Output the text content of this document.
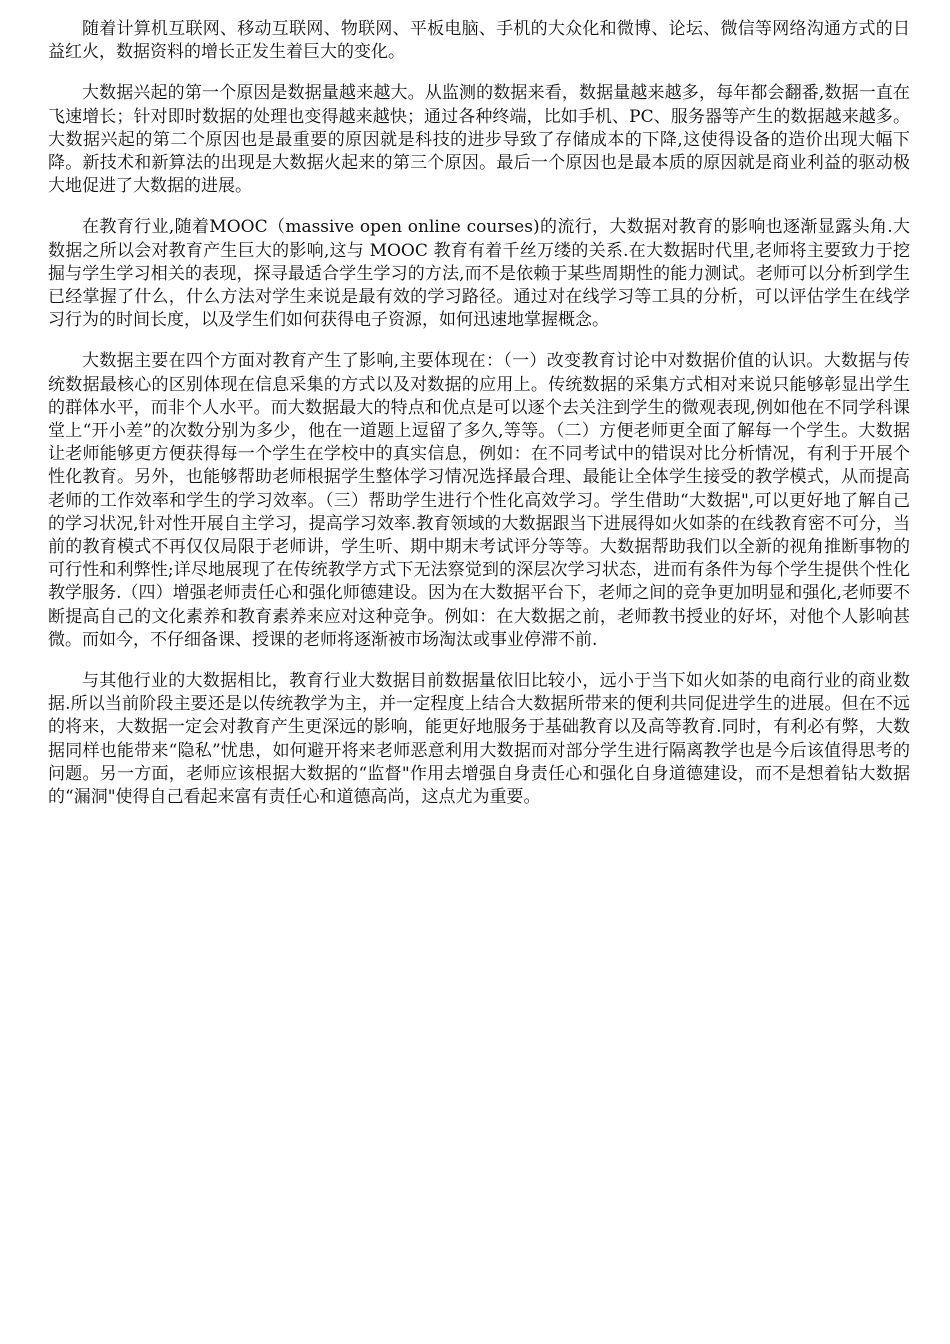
随着计算机互联网、移动互联网、物联网、平板电脑、手机的大众化和微博、论坛、微信等网络沟通方式的日益红火，数据资料的增长正发生着巨大的变化。

大数据兴起的第一个原因是数据量越来越大。从监测的数据来看，数据量越来越多，每年都会翻番,数据一直在飞速增长；针对即时数据的处理也变得越来越快；通过各种终端，比如手机、PC、服务器等产生的数据越来越多。大数据兴起的第二个原因也是最重要的原因就是科技的进步导致了存储成本的下降,这使得设备的造价出现大幅下降。新技术和新算法的出现是大数据火起来的第三个原因。最后一个原因也是最本质的原因就是商业利益的驱动极大地促进了大数据的进展。

在教育行业,随着MOOC（massive open online courses)的流行，大数据对教育的影响也逐渐显露头角.大数据之所以会对教育产生巨大的影响,这与 MOOC 教育有着千丝万缕的关系.在大数据时代里,老师将主要致力于挖掘与学生学习相关的表现，探寻最适合学生学习的方法,而不是依赖于某些周期性的能力测试。老师可以分析到学生已经掌握了什么，什么方法对学生来说是最有效的学习路径。通过对在线学习等工具的分析，可以评估学生在线学习行为的时间长度，以及学生们如何获得电子资源，如何迅速地掌握概念。

大数据主要在四个方面对教育产生了影响,主要体现在：（一）改变教育讨论中对数据价值的认识。大数据与传统数据最核心的区别体现在信息采集的方式以及对数据的应用上。传统数据的采集方式相对来说只能够彰显出学生的群体水平，而非个人水平。而大数据最大的特点和优点是可以逐个去关注到学生的微观表现,例如他在不同学科课堂上“开小差”的次数分别为多少，他在一道题上逗留了多久,等等。（二）方便老师更全面了解每一个学生。大数据让老师能够更方便获得每一个学生在学校中的真实信息，例如：在不同考试中的错误对比分析情况，有利于开展个性化教育。另外，也能够帮助老师根据学生整体学习情况选择最合理、最能让全体学生接受的教学模式，从而提高老师的工作效率和学生的学习效率。（三）帮助学生进行个性化高效学习。学生借助“大数据",可以更好地了解自己的学习状况,针对性开展自主学习，提高学习效率.教育领域的大数据跟当下进展得如火如荼的在线教育密不可分，当前的教育模式不再仅仅局限于老师讲，学生听、期中期末考试评分等等。大数据帮助我们以全新的视角推断事物的可行性和利弊性;详尽地展现了在传统教学方式下无法察觉到的深层次学习状态，进而有条件为每个学生提供个性化教学服务.（四）增强老师责任心和强化师德建设。因为在大数据平台下，老师之间的竞争更加明显和强化,老师要不断提高自己的文化素养和教育素养来应对这种竞争。例如：在大数据之前，老师教书授业的好坏，对他个人影响甚微。而如今，不仔细备课、授课的老师将逐渐被市场淘汰或事业停滞不前.

与其他行业的大数据相比，教育行业大数据目前数据量依旧比较小，远小于当下如火如荼的电商行业的商业数据.所以当前阶段主要还是以传统教学为主，并一定程度上结合大数据所带来的便利共同促进学生的进展。但在不远的将来，大数据一定会对教育产生更深远的影响，能更好地服务于基础教育以及高等教育.同时，有利必有弊，大数据同样也能带来“隐私”忧患，如何避开将来老师恶意利用大数据而对部分学生进行隔离教学也是今后该值得思考的问题。另一方面，老师应该根据大数据的“监督"作用去增强自身责任心和强化自身道德建设，而不是想着钻大数据的“漏洞"使得自己看起来富有责任心和道德高尚，这点尤为重要。
